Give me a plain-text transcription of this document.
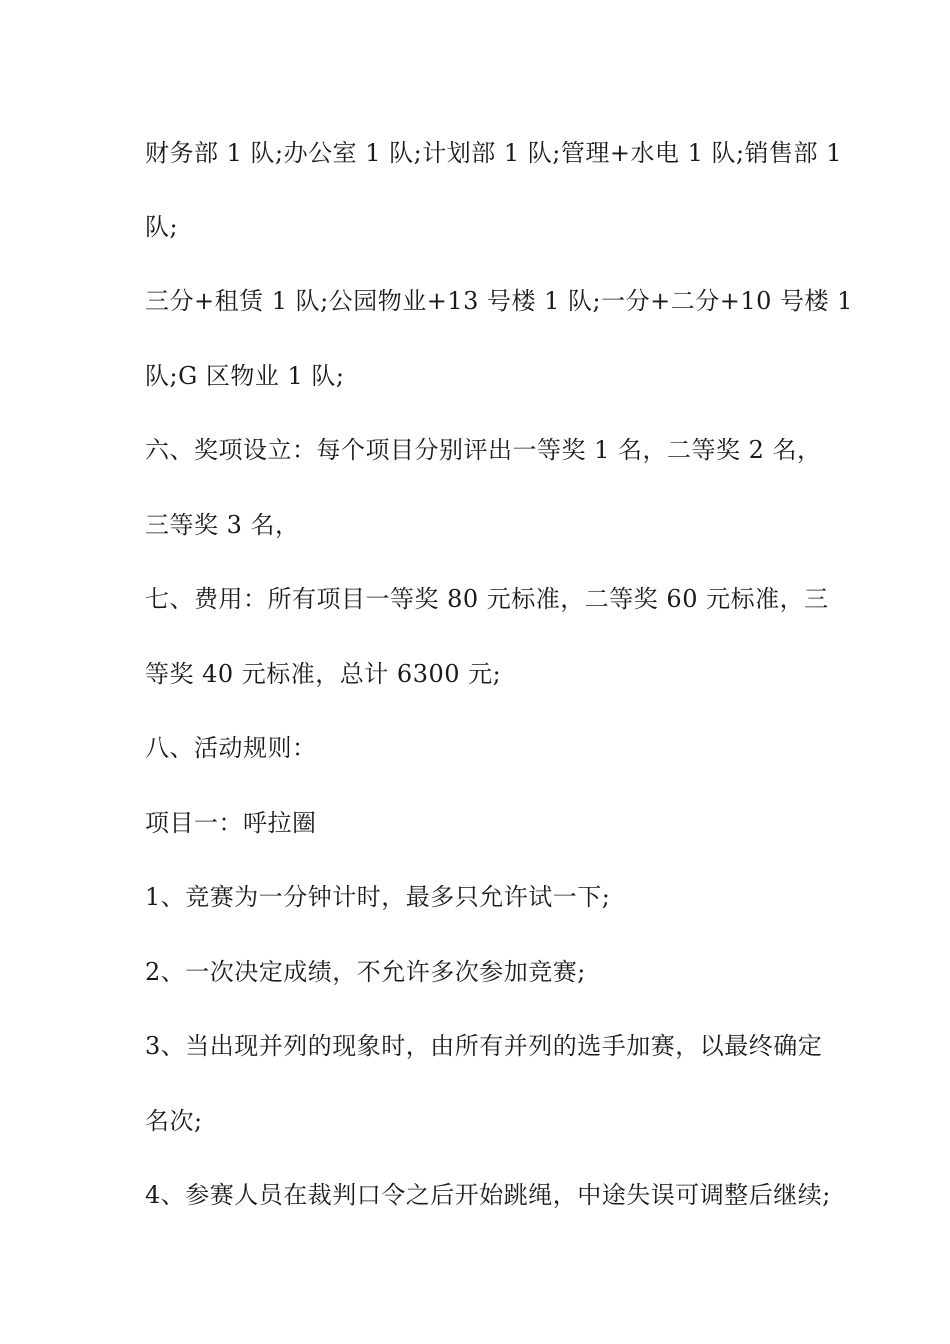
财务部 1 队;办公室 1 队;计划部 1 队;管理+水电 1 队;销售部 1
队;
三分+租赁 1 队;公园物业+13 号楼 1 队;一分+二分+10 号楼 1
队;G 区物业 1 队;
六、奖项设立：每个项目分别评出一等奖 1 名，二等奖 2 名，
三等奖 3 名，
七、费用：所有项目一等奖 80 元标准，二等奖 60 元标准，三
等奖 40 元标准，总计 6300 元;
八、活动规则：
项目一：呼拉圈
1、竞赛为一分钟计时，最多只允许试一下;
2、一次决定成绩，不允许多次参加竞赛;
3、当出现并列的现象时，由所有并列的选手加赛，以最终确定
名次;
4、参赛人员在裁判口令之后开始跳绳，中途失误可调整后继续;
